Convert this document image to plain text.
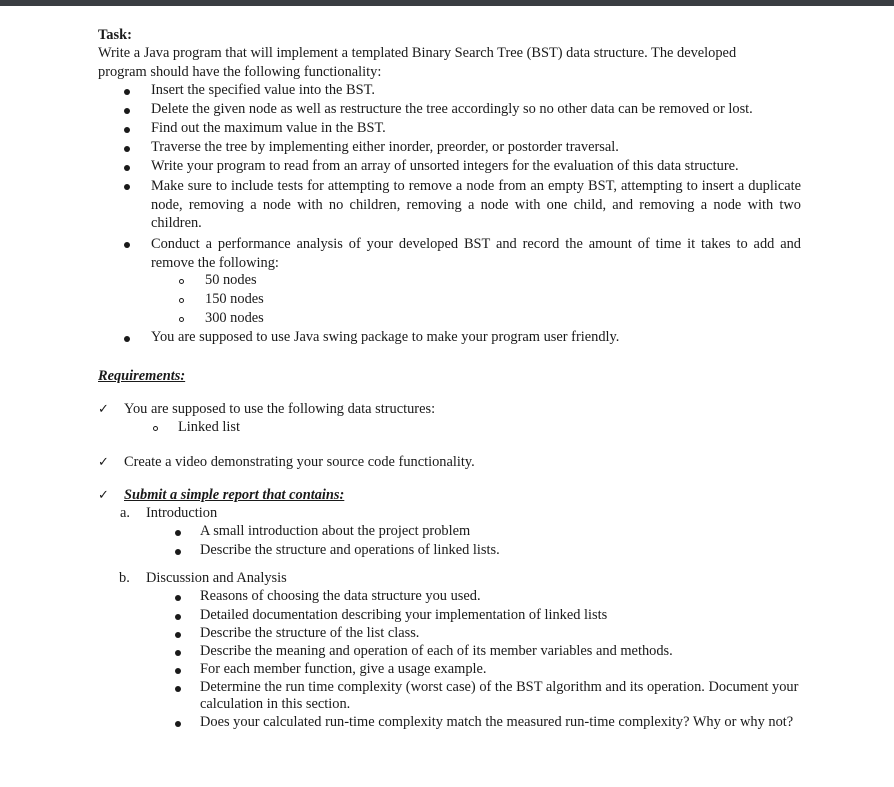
Task:
Write a Java program that will implement a templated Binary Search Tree (BST) data structure. The developed
program should have the following functionality:
Insert the specified value into the BST.
Delete the given node as well as restructure the tree accordingly so no other data can be removed or lost.
Find out the maximum value in the BST.
Traverse the tree by implementing either inorder, preorder, or postorder traversal.
Write your program to read from an array of unsorted integers for the evaluation of this data structure.
Make sure to include tests for attempting to remove a node from an empty BST, attempting to insert a duplicate node, removing a node with no children, removing a node with one child, and removing a node with two children.
Conduct a performance analysis of your developed BST and record the amount of time it takes to add and remove the following:
50 nodes
150 nodes
300 nodes
You are supposed to use Java swing package to make your program user friendly.
Requirements:
✓ You are supposed to use the following data structures:
Linked list
✓ Create a video demonstrating your source code functionality.
✓ Submit a simple report that contains:
a. Introduction
A small introduction about the project problem
Describe the structure and operations of linked lists.
b. Discussion and Analysis
Reasons of choosing the data structure you used.
Detailed documentation describing your implementation of linked lists
Describe the structure of the list class.
Describe the meaning and operation of each of its member variables and methods.
For each member function, give a usage example.
Determine the run time complexity (worst case) of the BST algorithm and its operation. Document your calculation in this section.
Does your calculated run-time complexity match the measured run-time complexity? Why or why not?
